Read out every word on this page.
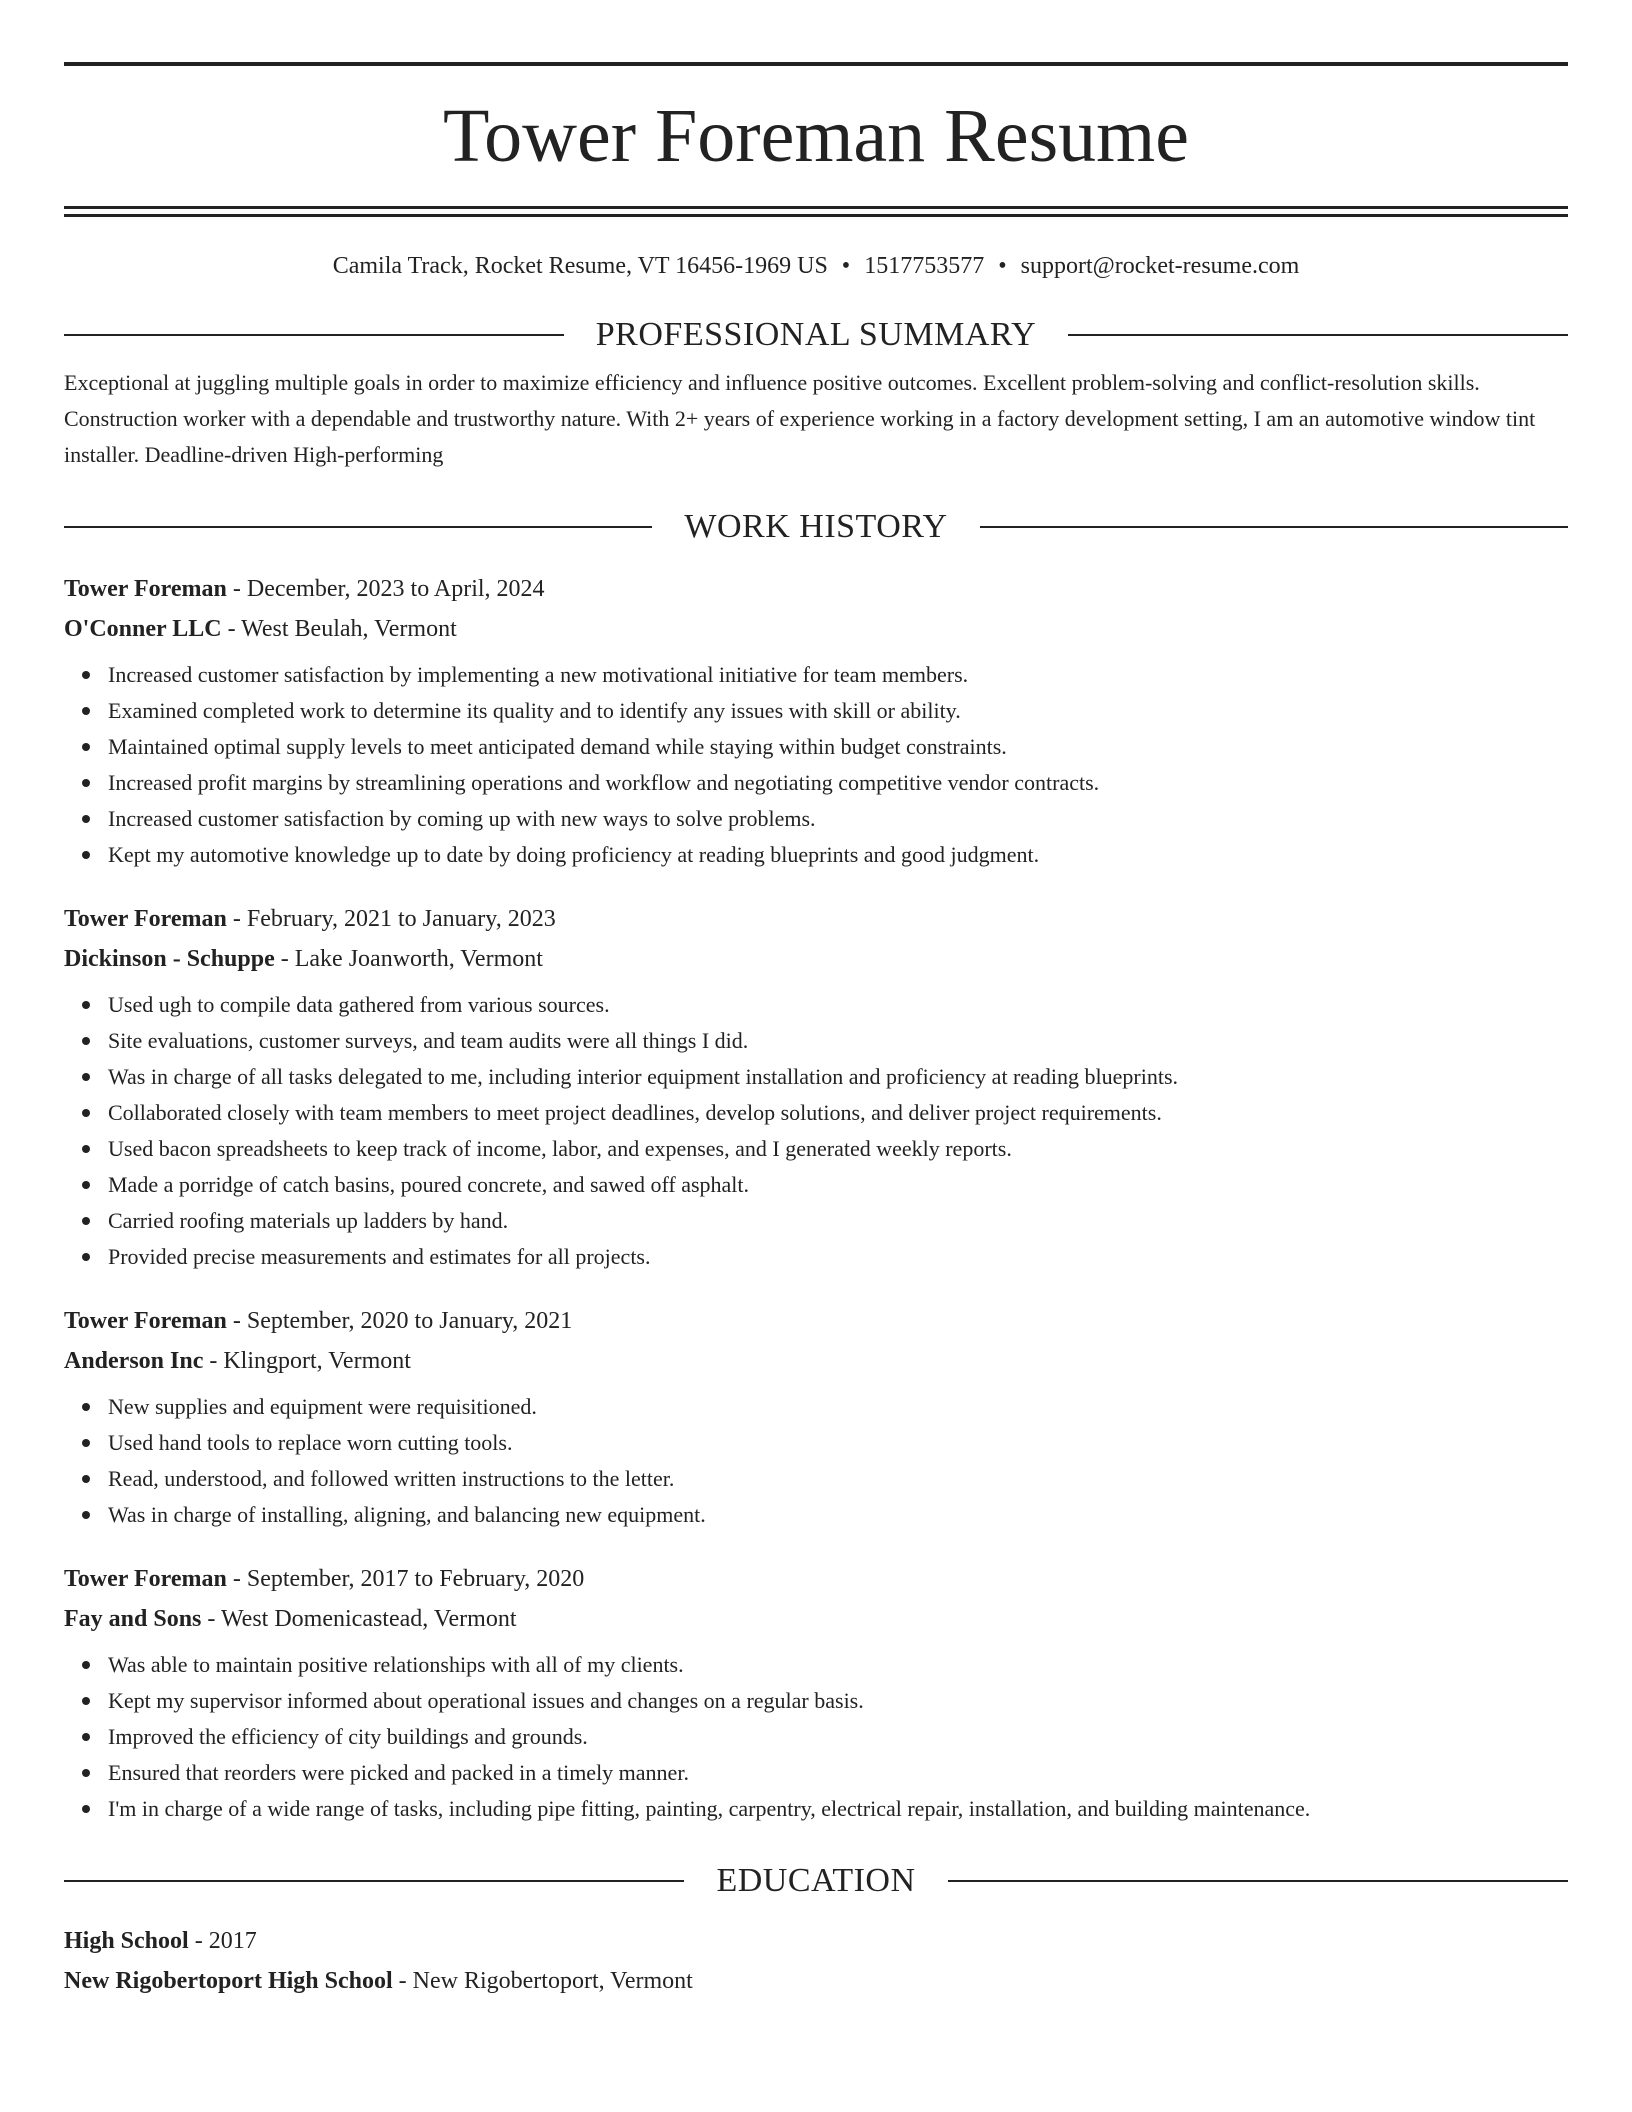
Tower Foreman Resume
Camila Track, Rocket Resume, VT 16456-1969 US • 1517753577 • support@rocket-resume.com
PROFESSIONAL SUMMARY
Exceptional at juggling multiple goals in order to maximize efficiency and influence positive outcomes. Excellent problem-solving and conflict-resolution skills. Construction worker with a dependable and trustworthy nature. With 2+ years of experience working in a factory development setting, I am an automotive window tint installer. Deadline-driven High-performing
WORK HISTORY
Tower Foreman - December, 2023 to April, 2024
O'Conner LLC - West Beulah, Vermont
Increased customer satisfaction by implementing a new motivational initiative for team members.
Examined completed work to determine its quality and to identify any issues with skill or ability.
Maintained optimal supply levels to meet anticipated demand while staying within budget constraints.
Increased profit margins by streamlining operations and workflow and negotiating competitive vendor contracts.
Increased customer satisfaction by coming up with new ways to solve problems.
Kept my automotive knowledge up to date by doing proficiency at reading blueprints and good judgment.
Tower Foreman - February, 2021 to January, 2023
Dickinson - Schuppe - Lake Joanworth, Vermont
Used ugh to compile data gathered from various sources.
Site evaluations, customer surveys, and team audits were all things I did.
Was in charge of all tasks delegated to me, including interior equipment installation and proficiency at reading blueprints.
Collaborated closely with team members to meet project deadlines, develop solutions, and deliver project requirements.
Used bacon spreadsheets to keep track of income, labor, and expenses, and I generated weekly reports.
Made a porridge of catch basins, poured concrete, and sawed off asphalt.
Carried roofing materials up ladders by hand.
Provided precise measurements and estimates for all projects.
Tower Foreman - September, 2020 to January, 2021
Anderson Inc - Klingport, Vermont
New supplies and equipment were requisitioned.
Used hand tools to replace worn cutting tools.
Read, understood, and followed written instructions to the letter.
Was in charge of installing, aligning, and balancing new equipment.
Tower Foreman - September, 2017 to February, 2020
Fay and Sons - West Domenicastead, Vermont
Was able to maintain positive relationships with all of my clients.
Kept my supervisor informed about operational issues and changes on a regular basis.
Improved the efficiency of city buildings and grounds.
Ensured that reorders were picked and packed in a timely manner.
I'm in charge of a wide range of tasks, including pipe fitting, painting, carpentry, electrical repair, installation, and building maintenance.
EDUCATION
High School - 2017
New Rigobertoport High School - New Rigobertoport, Vermont
